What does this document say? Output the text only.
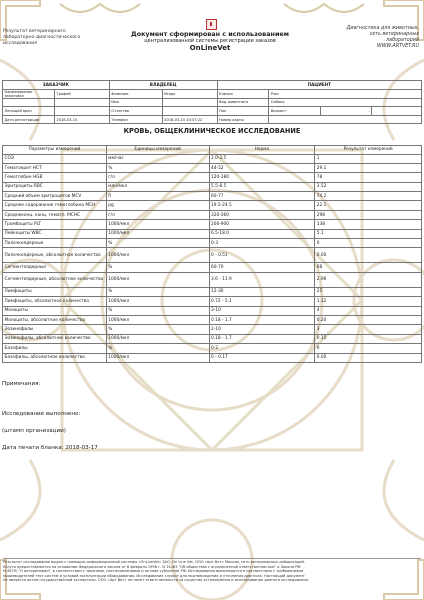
Результат ветеринарного
лабораторно-диагностического
исследования
Документ сформирован с использованием
централизованной системы регистрации заказов
OnLineVet
Диагностика для животных,
сеть ветеринарных
лабораторий
WWW.ARTVET.RU
ЗАКАЗЧИК		ВЛАДЕЛЕЦ		ПАЦИЕНТ			
Наименование заказчика	Трофей	Фамилия	Игорь	Кличка	Рэкс		
		Имя		Вид животного	Собака		
Лечащий врач		Отчество		Пол	Возраст	-	
Дата регистрации	2018-03-15	Телефон	2018-03-15 10:57:22	Номер карты			
КРОВЬ, ОБЩЕКЛИНИЧЕСКОЕ ИССЛЕДОВАНИЕ
Параметры измерений	Единицы измерений	Норма	Результат измерений
СОЭ	мм/час	2.0-3.5	1
Гематокрит HCT	%	44-52	29.1
Гемоглобин HGB	г/л	120-180	78
Эритроциты RBC	млн/мкл	5.5-8.5	3.52
Средний объем эритроцитов MCV	fl	60-77	74.2
Среднее содержание гемоглобина MCH	pg	19.5-24.5	22.1
Среднеконц. конц. гемогл. MCHC	г/л	320-360	298
Тромбоциты PLT	1000/мкл	200-900	138
Лейкоциты WBC	1000/мкл	6.5-18.0	5.1
Палочкоядерные	%	0-3	0
Палочкоядерные, абсолютное количество	1000/мкл	0 - 0.51	0.00
Сегментоядерные	%	60-70	68
Сегментоядерные, абсолютное количество	1000/мкл	3.6 - 11.9	2.96
Лимфоциты	%	12-30	25
Лимфоциты, абсолютное количество	1000/мкл	0.72 - 5.1	1.12
Моноциты	%	3-10	4
Моноциты, абсолютное количество	1000/мкл	0.18 - 1.7	0.20
Эозинофилы	%	2-10	3
Эозинофилы, абсолютное количество	1000/мкл	0.18 - 1.7	0.15
Базофилы	%	0-2	0
Базофилы, абсолютное количество	1000/мкл	0 - 0.17	0.00
Примечания:
Исследование выполнено:
(штамп организации)
Дата печати бланка: 2018-03-17
Результат исследования выдан с помощью информационной системы «OnLineVet» ЗАО. On Line Vet, ООО «Арт Вет» Москва, сеть ветеринарных лабораторий.
Услуги предоставляются на основании Федерального закона от 8 февраля 1998 г. N 14-ФЗ "Об обществах с ограниченной ответственностью" и Закона РФ
N 4979/ "О ветеринарии", в соответствии с законами, постановлениями и актами субъектов РФ. Исследования выполняются в соответствии с требованиями
производителей тест-систем и условий эксплуатации оборудования. Исследование служит для подтверждения и уточнения диагноза. Настоящий документ
не является актом государственной экспертизы. ООО «Арт Вет» не несет ответственности за существо установления и использования данного исследования.
